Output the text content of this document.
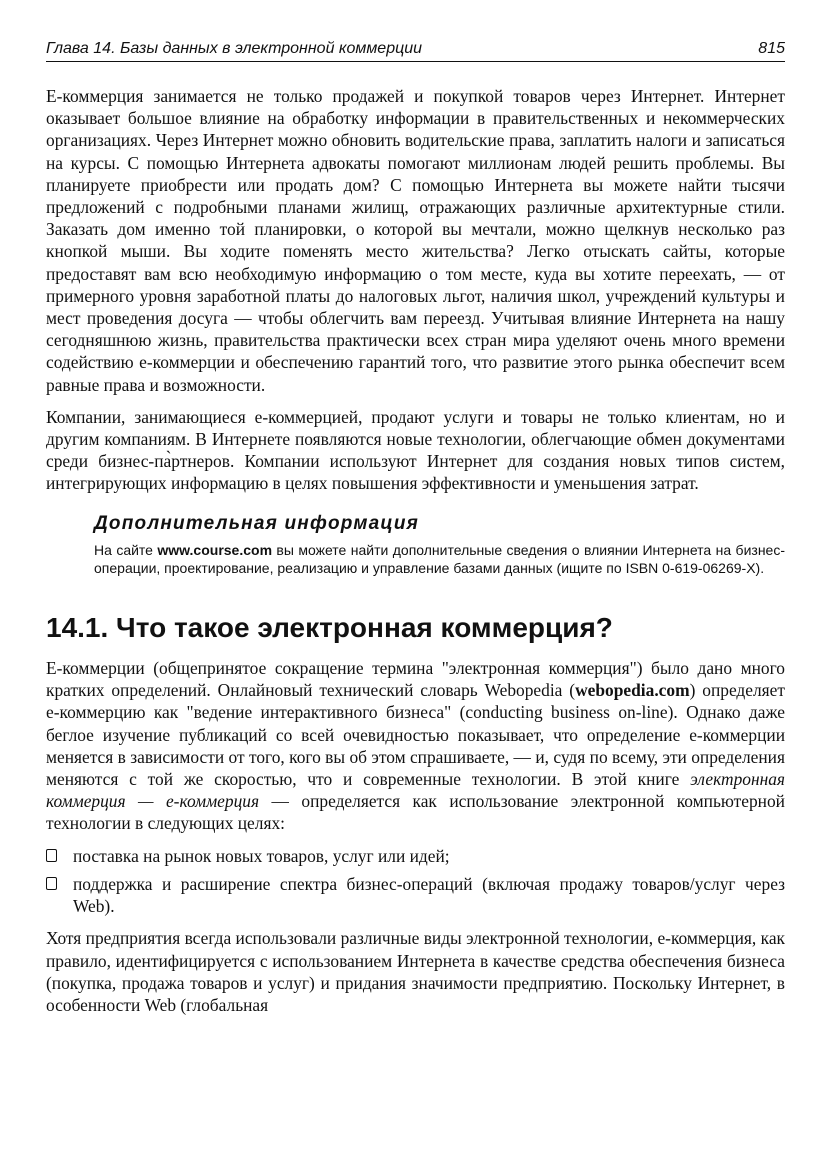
Глава 14. Базы данных в электронной коммерции	815

E-коммерция занимается не только продажей и покупкой товаров через Интернет. Интернет оказывает большое влияние на обработку информации в правительственных и некоммерческих организациях. Через Интернет можно обновить водительские права, заплатить налоги и записаться на курсы. С помощью Интернета адвокаты помогают миллионам людей решить проблемы. Вы планируете приобрести или продать дом? С помощью Интернета вы можете найти тысячи предложений с подробными планами жилищ, отражающих различные архитектурные стили. Заказать дом именно той планировки, о которой вы мечтали, можно щелкнув несколько раз кнопкой мыши. Вы ходите поменять место жительства? Легко отыскать сайты, которые предоставят вам всю необходимую информацию о том месте, куда вы хотите переехать, — от примерного уровня заработной платы до налоговых льгот, наличия школ, учреждений культуры и мест проведения досуга — чтобы облегчить вам переезд. Учитывая влияние Интернета на нашу сегодняшнюю жизнь, правительства практически всех стран мира уделяют очень много времени содействию e-коммерции и обеспечению гарантий того, что развитие этого рынка обеспечит всем равные права и возможности.

Компании, занимающиеся e-коммерцией, продают услуги и товары не только клиентам, но и другим компаниям. В Интернете появляются новые технологии, облегчающие обмен документами среди бизнес-па̀ртнеров. Компании используют Интернет для создания новых типов систем, интегрирующих информацию в целях повышения эффективности и уменьшения затрат.

Дополнительная информация
На сайте www.course.com вы можете найти дополнительные сведения о влиянии Интернета на бизнес-операции, проектирование, реализацию и управление базами данных (ищите по ISBN 0-619-06269-X).
14.1. Что такое электронная коммерция?

E-коммерции (общепринятое сокращение термина "электронная коммерция") было дано много кратких определений. Онлайновый технический словарь Webopedia (webopedia.com) определяет e-коммерцию как "ведение интерактивного бизнеса" (conducting business on-line). Однако даже беглое изучение публикаций со всей очевидностью показывает, что определение e-коммерции меняется в зависимости от того, кого вы об этом спрашиваете, — и, судя по всему, эти определения меняются с той же скоростью, что и современные технологии. В этой книге электронная коммерция — e-коммерция — определяется как использование электронной компьютерной технологии в следующих целях:

поставка на рынок новых товаров, услуг или идей;
поддержка и расширение спектра бизнес-операций (включая продажу товаров/услуг через Web).

Хотя предприятия всегда использовали различные виды электронной технологии, e-коммерция, как правило, идентифицируется с использованием Интернета в качестве средства обеспечения бизнеса (покупка, продажа товаров и услуг) и придания значимости предприятию. Поскольку Интернет, в особенности Web (глобальная
